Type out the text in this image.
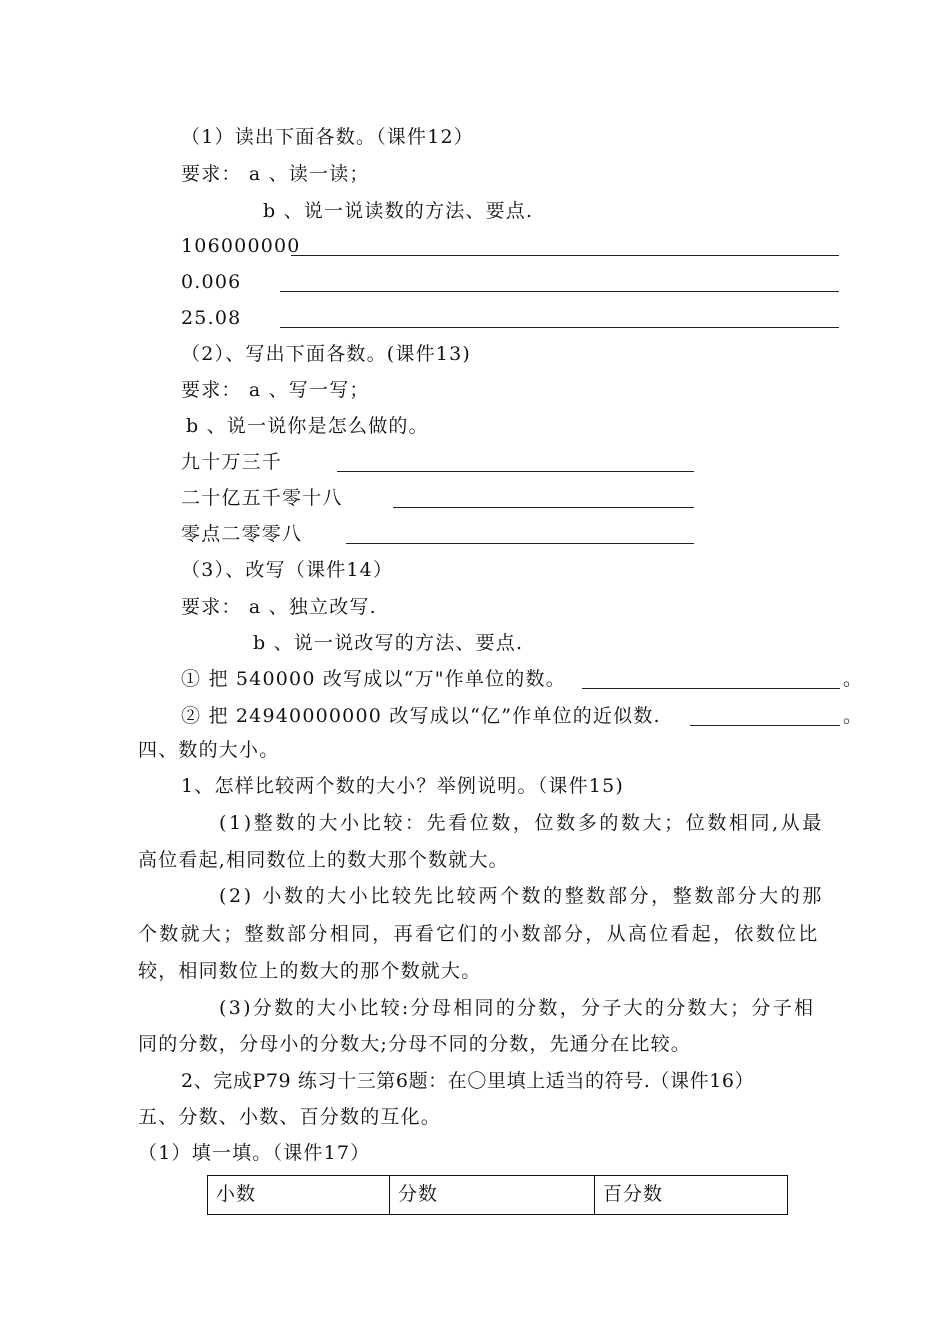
（1）读出下面各数。（课件12）
要求： a 、读一读；
b 、说一说读数的方法、要点.
106000000
0.006
25.08
（2）、写出下面各数。(课件13)
要求： a 、写一写；
b 、说一说你是怎么做的。
九十万三千
二十亿五千零十八
零点二零零八
（3）、改写（课件14）
要求： a 、独立改写.
b 、说一说改写的方法、要点.
① 把 540000 改写成以“万"作单位的数。	。
② 把 24940000000 改写成以“亿”作单位的近似数.	。
四、数的大小。
1、怎样比较两个数的大小？举例说明。（课件15)
(1)整数的大小比较：先看位数，位数多的数大；位数相同,从最
高位看起,相同数位上的数大那个数就大。
(2) 小数的大小比较先比较两个数的整数部分，整数部分大的那
个数就大；整数部分相同，再看它们的小数部分，从高位看起，依数位比
较，相同数位上的数大的那个数就大。
(3)分数的大小比较:分母相同的分数，分子大的分数大；分子相
同的分数，分母小的分数大;分母不同的分数，先通分在比较。
2、完成P79 练习十三第6题：在〇里填上适当的符号.（课件16）
五、分数、小数、百分数的互化。
（1）填一填。（课件17）
小数	分数	百分数
